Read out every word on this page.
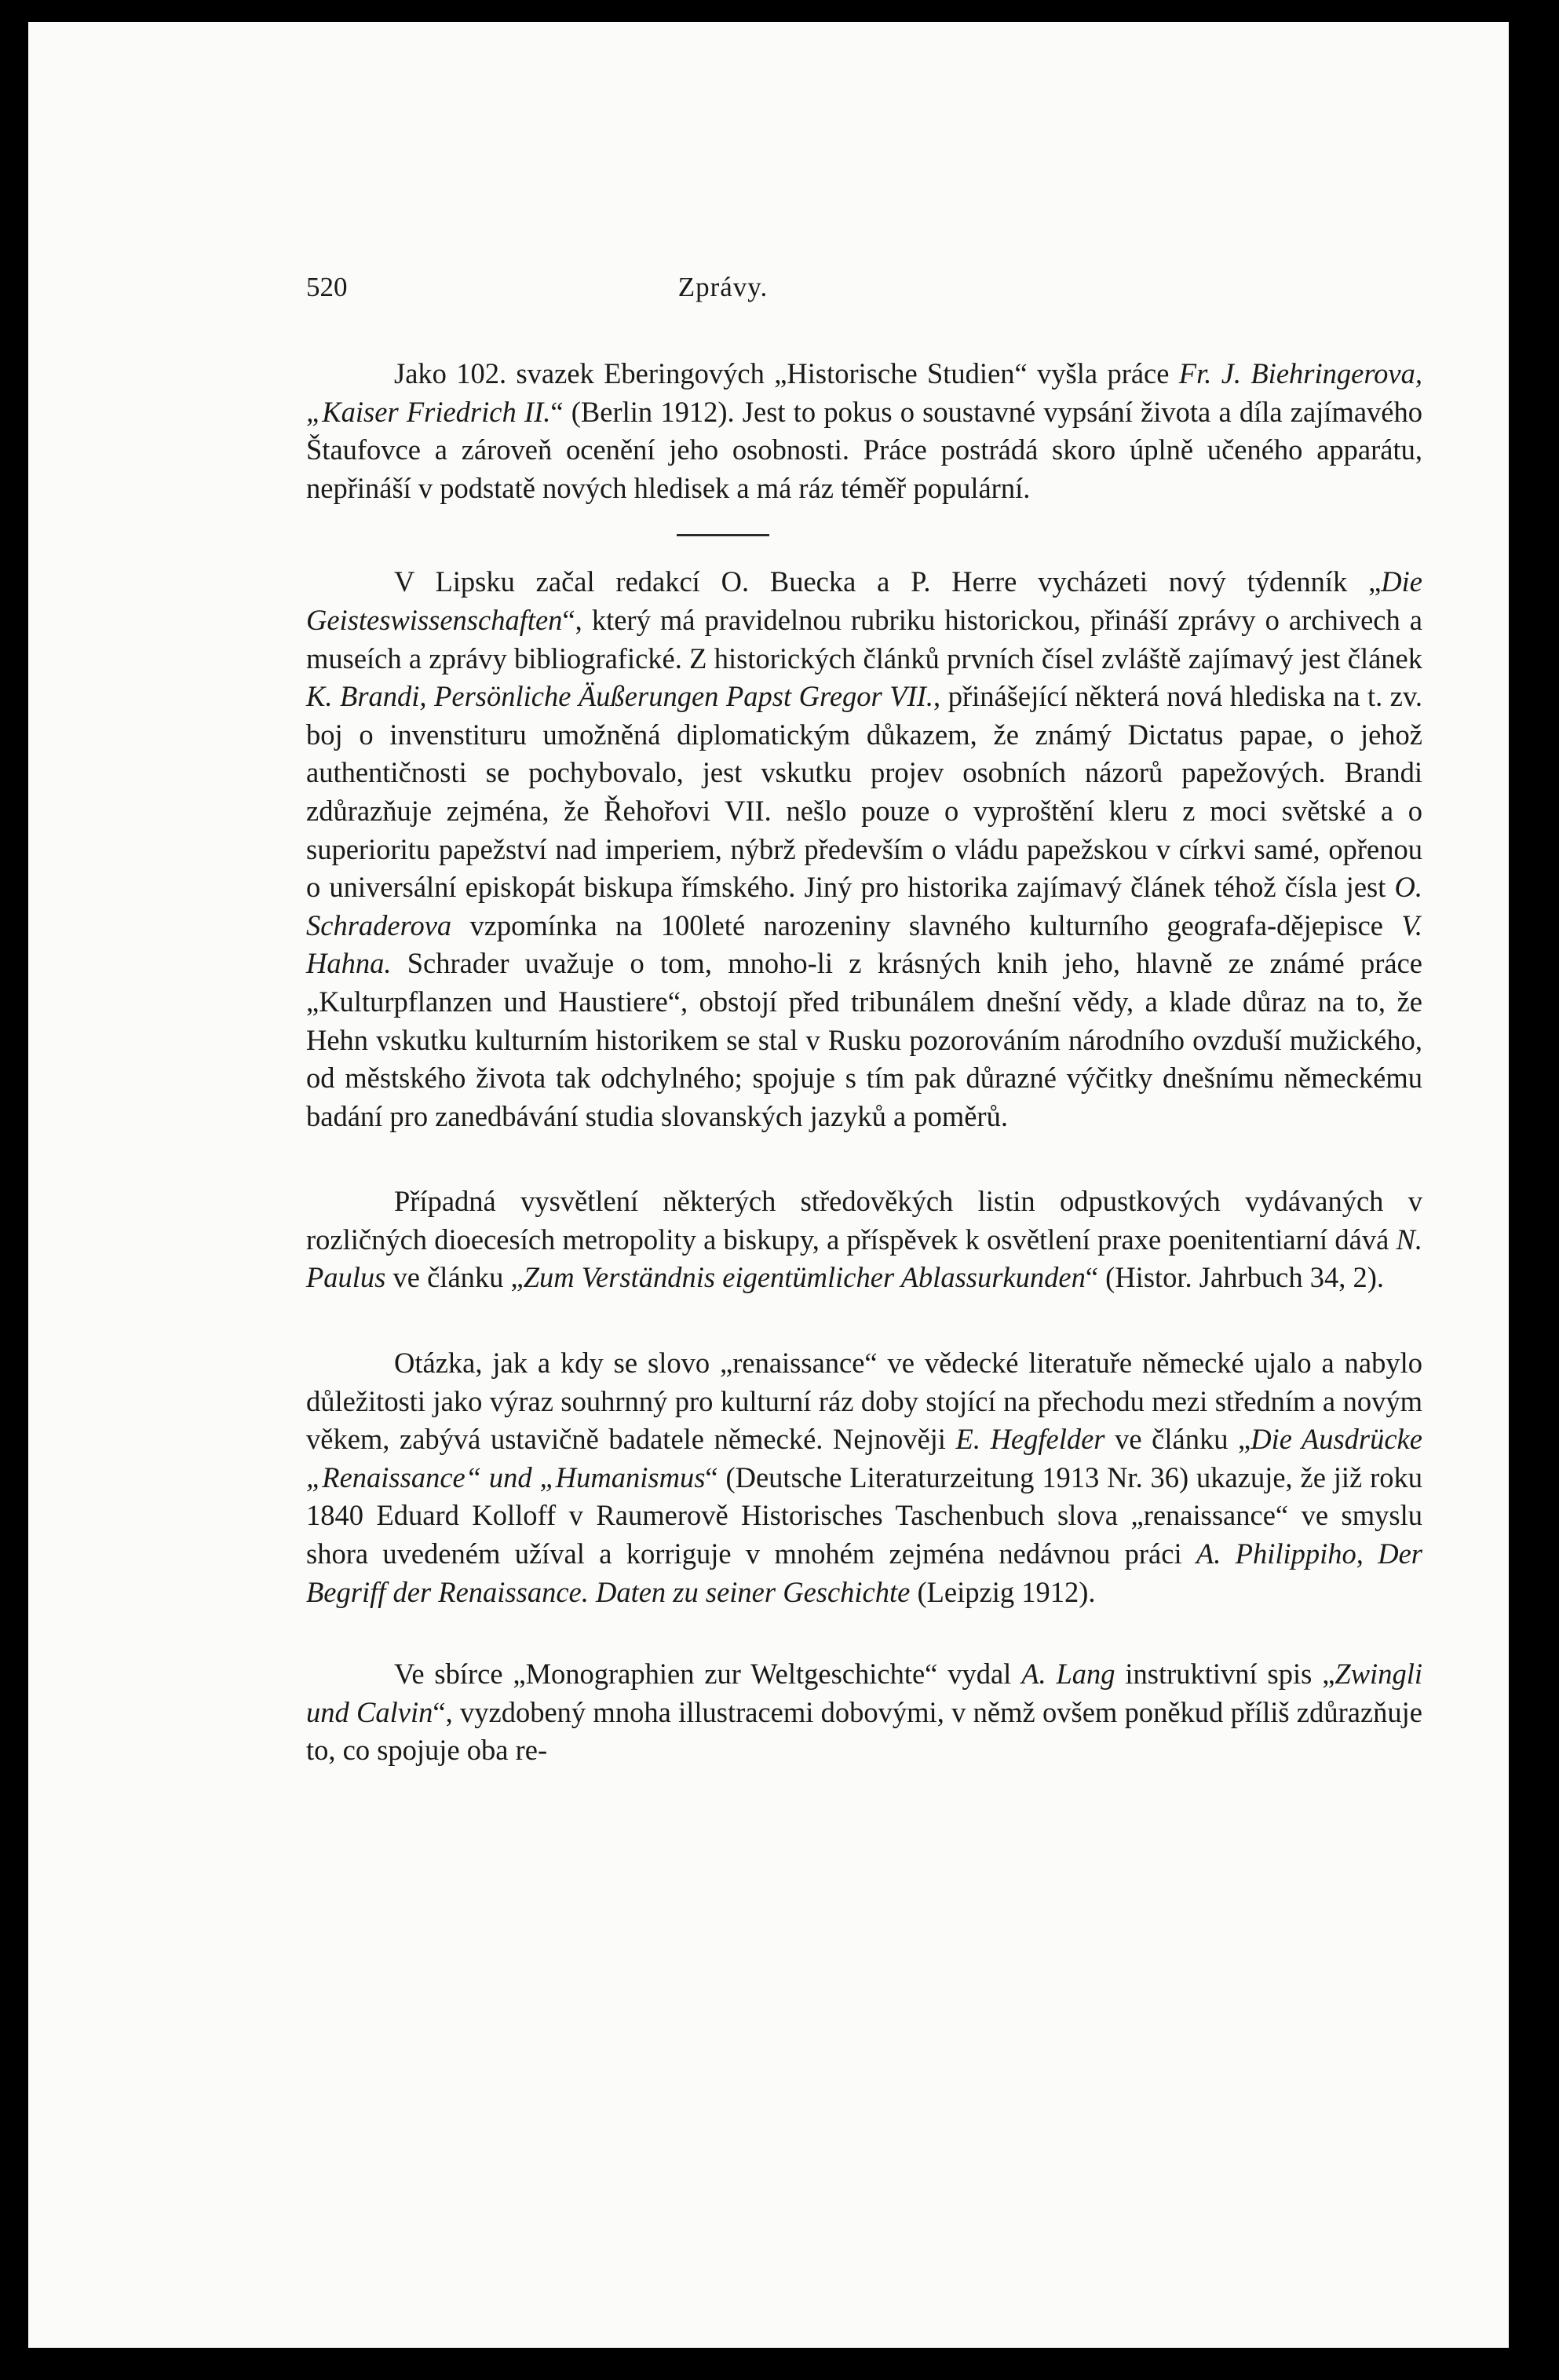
520	Zprávy.

Jako 102. svazek Eberingových „Historische Studien“ vyšla práce Fr. J. Biehringerova, „Kaiser Friedrich II.“ (Berlin 1912). Jest to pokus o soustavné vypsání života a díla zajímavého Štaufovce a zároveň ocenění jeho osobnosti. Práce postrádá skoro úplně učeného apparátu, nepřináší v podstatě nových hledisek a má ráz téměř populární.

V Lipsku začal redakcí O. Buecka a P. Herre vycházeti nový týdenník „Die Geisteswissenschaften“, který má pravidelnou rubriku historickou, přináší zprávy o archivech a museích a zprávy bibliografické. Z historických článků prvních čísel zvláště zajímavý jest článek K. Brandi, Persönliche Äußerungen Papst Gregor VII., přinášející některá nová hlediska na t. zv. boj o invenstituru umožněná diplomatickým důkazem, že známý Dictatus papae, o jehož authentičnosti se pochybovalo, jest vskutku projev osobních názorů papežových. Brandi zdůrazňuje zejména, že Řehořovi VII. nešlo pouze o vyproštění kleru z moci světské a o superioritu papežství nad imperiem, nýbrž především o vládu papežskou v církvi samé, opřenou o universální episkopát biskupa římského. Jiný pro historika zajímavý článek téhož čísla jest O. Schraderova vzpomínka na 100leté narozeniny slavného kulturního geografa-dějepisce V. Hahna. Schrader uvažuje o tom, mnoho-li z krásných knih jeho, hlavně ze známé práce „Kulturpflanzen und Haustiere“, obstojí před tribunálem dnešní vědy, a klade důraz na to, že Hehn vskutku kulturním historikem se stal v Rusku pozorováním národního ovzduší mužického, od městského života tak odchylného; spojuje s tím pak důrazné výčitky dnešnímu německému badání pro zanedbávání studia slovanských jazyků a poměrů.

Případná vysvětlení některých středověkých listin odpustkových vydávaných v rozličných dioecesích metropolity a biskupy, a příspěvek k osvětlení praxe poenitentiarní dává N. Paulus ve článku „Zum Verständnis eigentümlicher Ablassurkunden“ (Histor. Jahrbuch 34, 2).

Otázka, jak a kdy se slovo „renaissance“ ve vědecké literatuře německé ujalo a nabylo důležitosti jako výraz souhrnný pro kulturní ráz doby stojící na přechodu mezi středním a novým věkem, zabývá ustavičně badatele německé. Nejnověji E. Hegfelder ve článku „Die Ausdrücke „Renaissance“ und „Humanismus“ (Deutsche Literaturzeitung 1913 Nr. 36) ukazuje, že již roku 1840 Eduard Kolloff v Raumerově Historisches Taschenbuch slova „renaissance“ ve smyslu shora uvedeném užíval a korriguje v mnohém zejména nedávnou práci A. Philippiho, Der Begriff der Renaissance. Daten zu seiner Geschichte (Leipzig 1912).

Ve sbírce „Monographien zur Weltgeschichte“ vydal A. Lang instruktivní spis „Zwingli und Calvin“, vyzdobený mnoha illustracemi dobovými, v němž ovšem poněkud příliš zdůrazňuje to, co spojuje oba re-
